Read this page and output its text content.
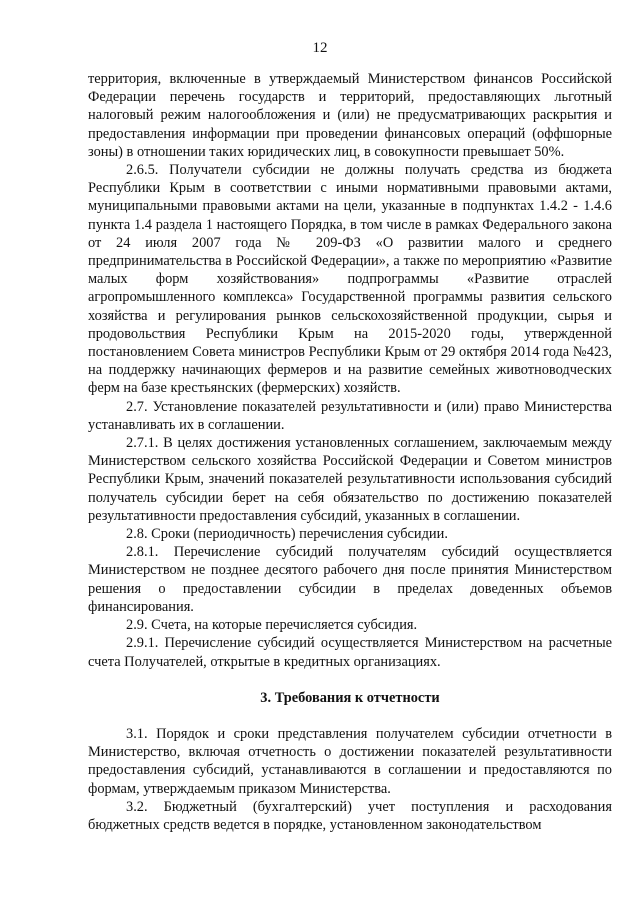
12

территория, включенные в утверждаемый Министерством финансов Российской Федерации перечень государств и территорий, предоставляющих льготный налоговый режим налогообложения и (или) не предусматривающих раскрытия и предоставления информации при проведении финансовых операций (оффшорные зоны) в отношении таких юридических лиц, в совокупности превышает 50%.

2.6.5. Получатели субсидии не должны получать средства из бюджета Республики Крым в соответствии с иными нормативными правовыми актами, муниципальными правовыми актами на цели, указанные в подпунктах 1.4.2 - 1.4.6 пункта 1.4 раздела 1 настоящего Порядка, в том числе в рамках Федерального закона от 24 июля 2007 года № 209-ФЗ «О развитии малого и среднего предпринимательства в Российской Федерации», а также по мероприятию «Развитие малых форм хозяйствования» подпрограммы «Развитие отраслей агропромышленного комплекса» Государственной программы развития сельского хозяйства и регулирования рынков сельскохозяйственной продукции, сырья и продовольствия Республики Крым на 2015-2020 годы, утвержденной постановлением Совета министров Республики Крым от 29 октября 2014 года №423, на поддержку начинающих фермеров и на развитие семейных животноводческих ферм на базе крестьянских (фермерских) хозяйств.

2.7. Установление показателей результативности и (или) право Министерства устанавливать их в соглашении.

2.7.1. В целях достижения установленных соглашением, заключаемым между Министерством сельского хозяйства Российской Федерации и Советом министров Республики Крым, значений показателей результативности использования субсидий получатель субсидии берет на себя обязательство по достижению показателей результативности предоставления субсидий, указанных в соглашении.

2.8. Сроки (периодичность) перечисления субсидии.

2.8.1. Перечисление субсидий получателям субсидий осуществляется Министерством не позднее десятого рабочего дня после принятия Министерством решения о предоставлении субсидии в пределах доведенных объемов финансирования.

2.9. Счета, на которые перечисляется субсидия.

2.9.1. Перечисление субсидий осуществляется Министерством на расчетные счета Получателей, открытые в кредитных организациях.

3. Требования к отчетности

3.1. Порядок и сроки представления получателем субсидии отчетности в Министерство, включая отчетность о достижении показателей результативности предоставления субсидий, устанавливаются в соглашении и предоставляются по формам, утверждаемым приказом Министерства.

3.2. Бюджетный (бухгалтерский) учет поступления и расходования бюджетных средств ведется в порядке, установленном законодательством
